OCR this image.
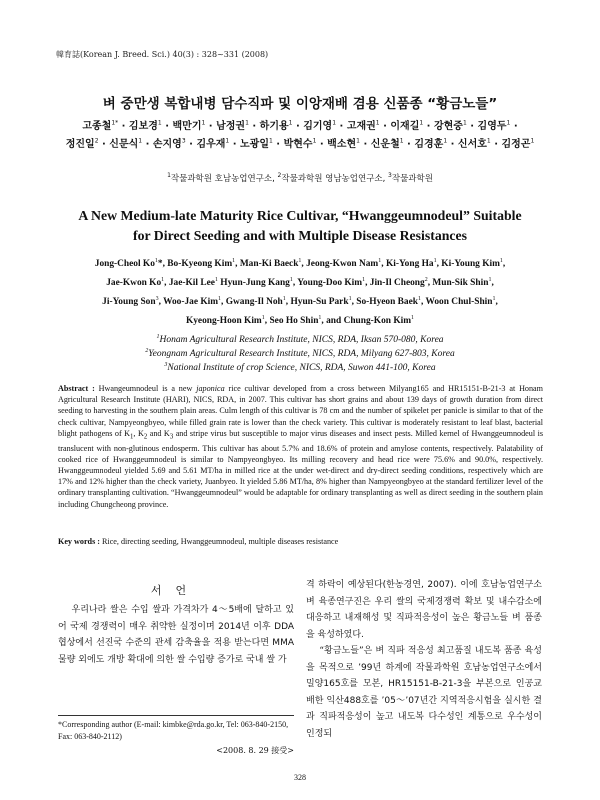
韓育誌(Korean J. Breed. Sci.) 40(3) : 328~331 (2008)
벼 중만생 복합내병 담수직파 및 이앙재배 겸용 신품종 “황금노들”
고종철$^{1*}$ · 김보경$^1$ · 백만기$^1$ · 남정권$^1$ · 하기용$^1$ · 김기영$^1$ · 고재권$^1$ · 이재길$^1$ · 강현중$^1$ · 김영두$^1$ ·
정진일$^2$ · 신문식$^1$ · 손지영$^3$ · 김우재$^1$ · 노광일$^1$ · 박현수$^1$ · 백소현$^1$ · 신운철$^1$ · 김경훈$^1$ · 신서호$^1$ · 김정곤$^1$
$^1$작물과학원 호남농업연구소, $^2$작물과학원 영남농업연구소, $^3$작물과학원
A New Medium-late Maturity Rice Cultivar, “Hwanggeumnodeul” Suitable
for Direct Seeding and with Multiple Disease Resistances
Jong-Cheol Ko$^1$*, Bo-Kyeong Kim$^1$, Man-Ki Baeck$^1$, Jeong-Kwon Nam$^1$, Ki-Yong Ha$^1$, Ki-Young Kim$^1$,
Jae-Kwon Ko$^1$, Jae-Kil Lee$^1$ Hyun-Jung Kang$^1$, Young-Doo Kim$^1$, Jin-Il Cheong$^2$, Mun-Sik Shin$^1$,
Ji-Young Son$^3$, Woo-Jae Kim$^1$, Gwang-Il Noh$^1$, Hyun-Su Park$^1$, So-Hyeon Baek$^1$, Woon Chul-Shin$^1$,
Kyeong-Hoon Kim$^1$, Seo Ho Shin$^1$, and Chung-Kon Kim$^1$
$^1$Honam Agricultural Research Institute, NICS, RDA, Iksan 570-080, Korea
$^2$Yeongnam Agricultural Research Institute, NICS, RDA, Milyang 627-803, Korea
$^3$National Institute of crop Science, NICS, RDA, Suwon 441-100, Korea
Abstract : Hwangeumnodeul is a new japonica rice cultivar developed from a cross between Milyang165 and HR15151-B-21-3 at Honam Agricultural Research Institute (HARI), NICS, RDA, in 2007. This cultivar has short grains and about 139 days of growth duration from direct seeding to harvesting in the southern plain areas. Culm length of this cultivar is 78 cm and the number of spikelet per panicle is similar to that of the check cultivar, Nampyeongbyeo, while filled grain rate is lower than the check variety. This cultivar is moderately resistant to leaf blast, bacterial blight pathogens of $K_1$, $K_2$ and $K_3$ and stripe virus but susceptible to major virus diseases and insect pests. Milled kernel of Hwanggeumnodeul is translucent with non-glutinous endosperm. This cultivar has about 5.7% and 18.6% of protein and amylose contents, respectively. Palatability of cooked rice of Hwanggeumnodeul is similar to Nampyeongbyeo. Its milling recovery and head rice were 75.6% and 90.0%, respectively. Hwanggeumnodeul yielded 5.69 and 5.61 MT/ha in milled rice at the under wet-direct and dry-direct seeding conditions, respectively which are 17% and 12% higher than the check variety, Juanbyeo. It yielded 5.86 MT/ha, 8% higher than Nampyeongbyeo at the standard fertilizer level of the ordinary transplanting cultivation. “Hwanggeumnodeul” would be adaptable for ordinary transplanting as well as direct seeding in the southern plain including Chungcheong province.
Key words : Rice, directing seeding, Hwanggeumnodeul, multiple diseases resistance
서언

우리나라 쌀은 수입 쌀과 가격차가 4～5배에 달하고 있어 국제 경쟁력이 매우 취약한 실정이며 2014년 이후 DDA 협상에서 선진국 수준의 관세 감축율을 적용 받는다면 MMA 물량 외에도 개방 확대에 의한 쌀 수입량 증가로 국내 쌀 가

격 하락이 예상된다(한농경연, 2007). 이에 호남농업연구소 벼 육종연구진은 우리 쌀의 국제경쟁력 확보 및 내수감소에 대응하고 내재해성 및 직파적응성이 높은 황금노들 벼 품종을 육성하였다.

“황금노들”은 벼 직파 적응성 최고품질 내도복 품종 육성을 목적으로 ’99년 하계에 작물과학원 호남농업연구소에서 밀양165호를 모본, HR15151-B-21-3을 부본으로 인공교배한 익산488호를 ’05～’07년간 지역적응시험을 실시한 결과 직파적응성이 높고 내도복 다수성인 계통으로 우수성이 인정되

*Corresponding author (E-mail: kimbke@rda.go.kr, Tel: 063-840-2150, Fax: 063-840-2112)
<2008. 8. 29 接受>
328
